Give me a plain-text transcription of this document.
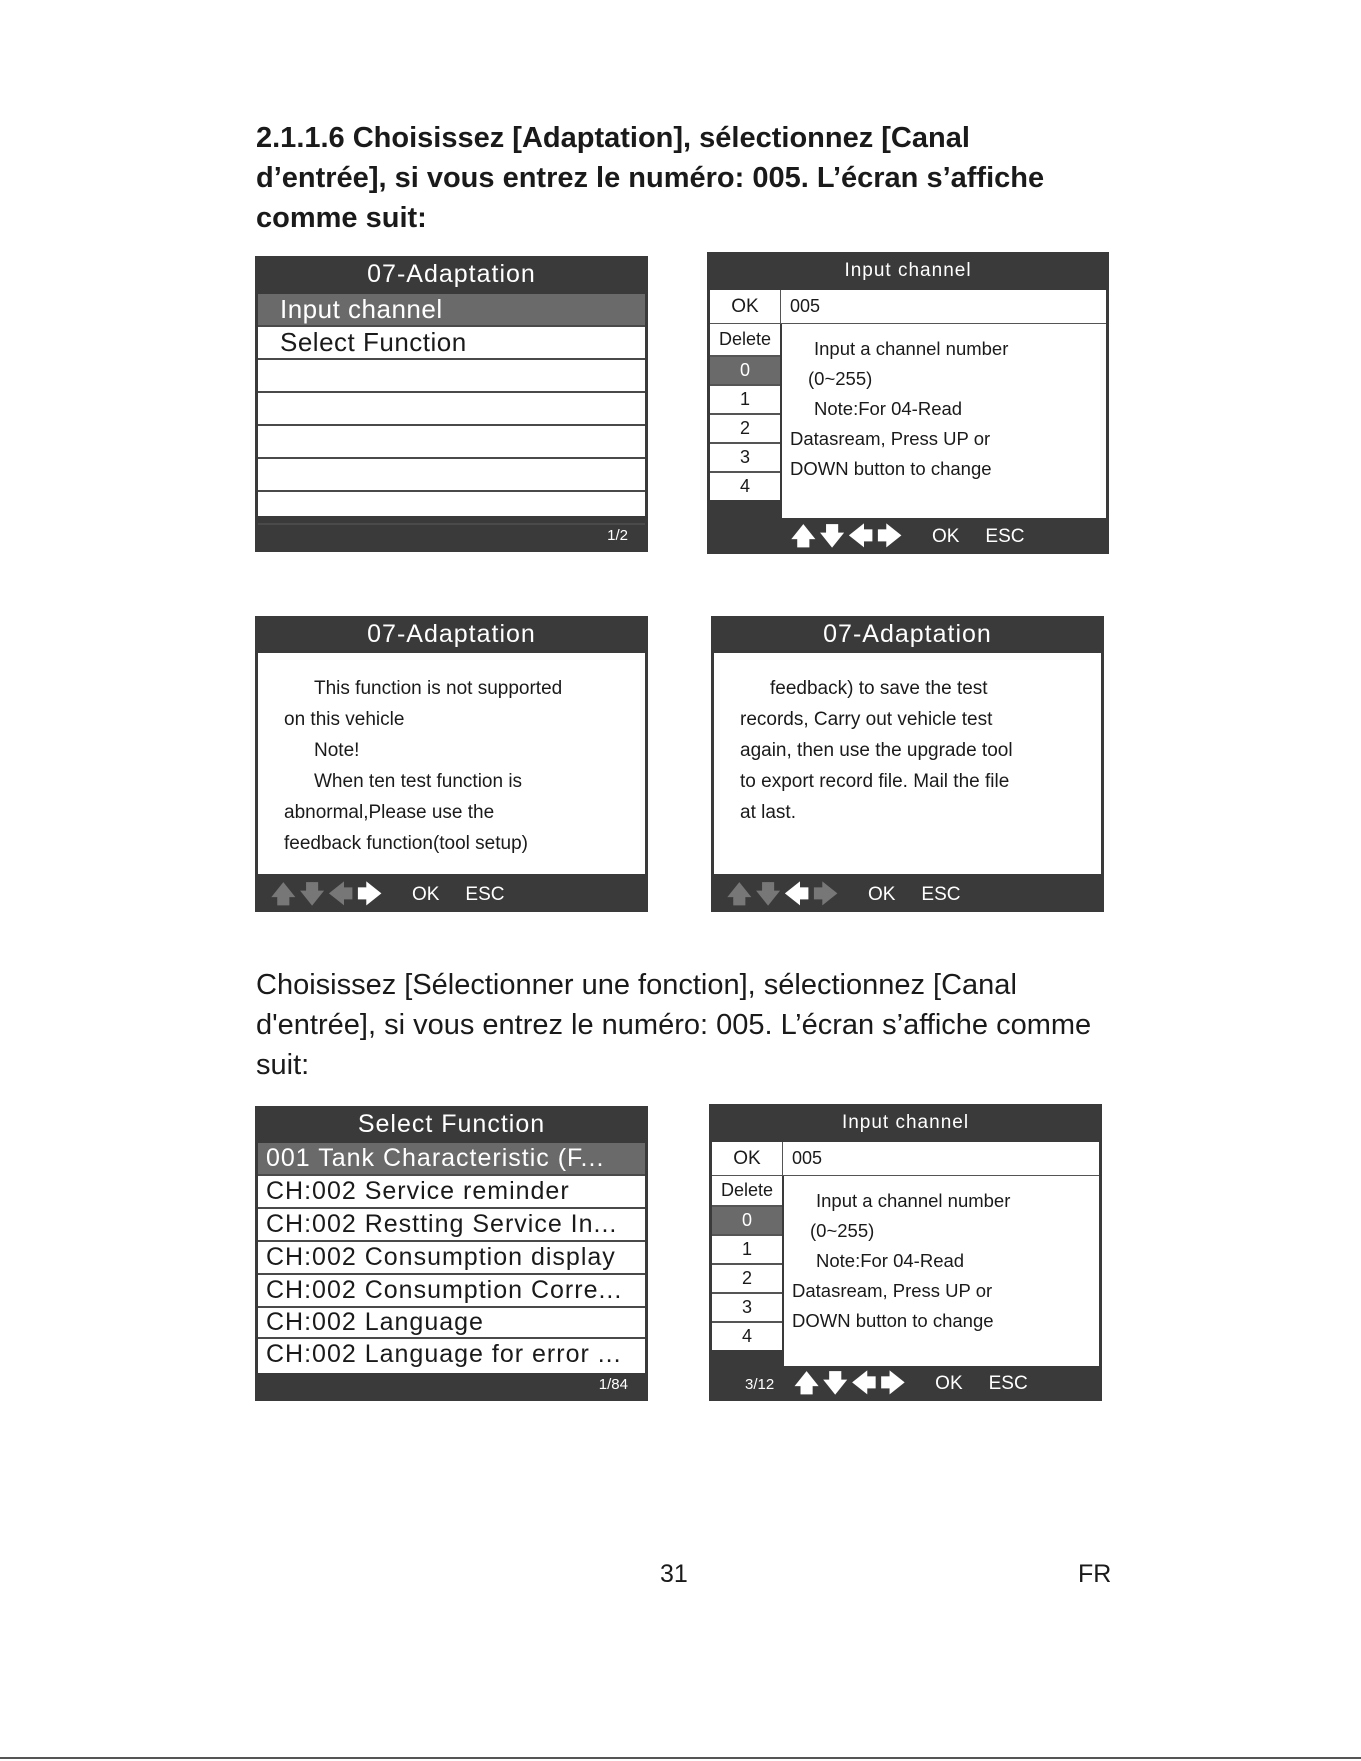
2.1.1.6 Choisissez [Adaptation], sélectionnez [Canal
d’entrée], si vous entrez le numéro: 005. L’écran s’affiche
comme suit:
07-Adaptation
Input channel
Select Function
1/2
Input channel
OK	005
Delete
0
1
2
3
4
Input a channel number
(0~255)
Note:For 04-Read
Datasream, Press UP or
DOWN button to change
🡅 🡇 🡄 🡆 OK ESC
07-Adaptation
This function is not supported
on this vehicle
Note!
When ten test function is
abnormal,Please use the
feedback function(tool setup)
🡅 🡇 🡄 🡆 OK ESC
07-Adaptation
feedback) to save the test
records, Carry out vehicle test
again, then use the upgrade tool
to export record file. Mail the file
at last.
🡅 🡇 🡄 🡆 OK ESC
Choisissez [Sélectionner une fonction], sélectionnez [Canal
d'entrée], si vous entrez le numéro: 005. L’écran s’affiche comme
suit:
Select Function
001 Tank Characteristic (F...
CH:002 Service reminder
CH:002 Restting Service In...
CH:002 Consumption display
CH:002 Consumption Corre...
CH:002 Language
CH:002 Language for error ...
1/84
Input channel
OK	005
Delete
0
1
2
3
4
Input a channel number
(0~255)
Note:For 04-Read
Datasream, Press UP or
DOWN button to change
3/12 🡅 🡇 🡄 🡆 OK ESC
31	FR
